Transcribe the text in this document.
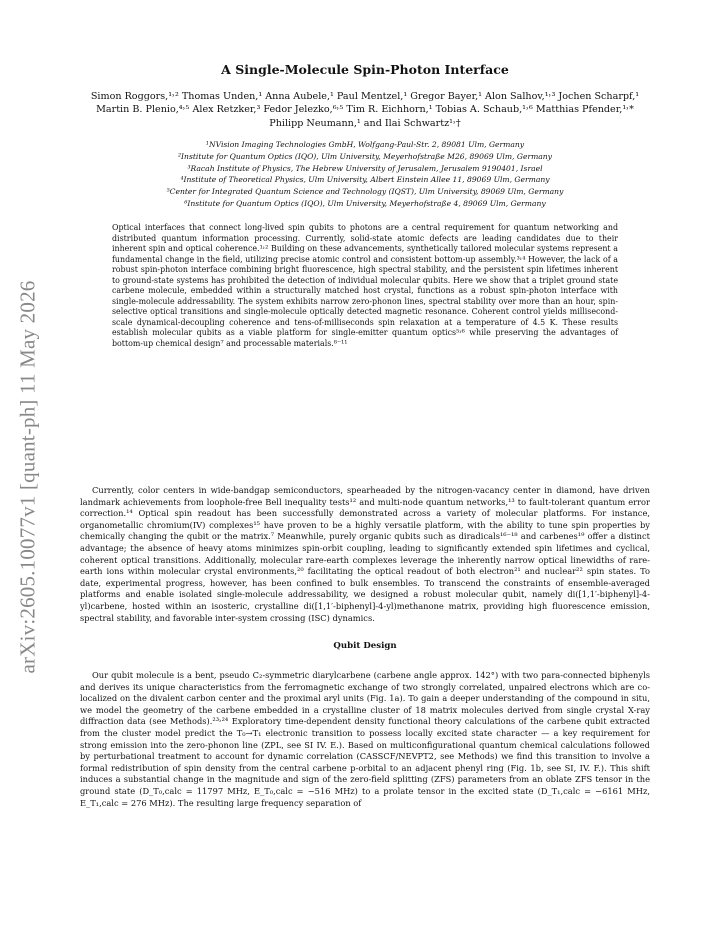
arXiv:2605.10077v1 [quant-ph] 11 May 2026
A Single-Molecule Spin-Photon Interface
Simon Roggors,¹˒² Thomas Unden,¹ Anna Aubele,¹ Paul Mentzel,¹ Gregor Bayer,¹ Alon Salhov,¹˒³ Jochen Scharpf,¹ Martin B. Plenio,⁴˒⁵ Alex Retzker,³ Fedor Jelezko,⁶˒⁵ Tim R. Eichhorn,¹ Tobias A. Schaub,¹˒⁶ Matthias Pfender,¹˒* Philipp Neumann,¹ and Ilai Schwartz¹˒†
¹NVision Imaging Technologies GmbH, Wolfgang-Paul-Str. 2, 89081 Ulm, Germany
²Institute for Quantum Optics (IQO), Ulm University, Meyerhofstraße M26, 89069 Ulm, Germany
³Racah Institute of Physics, The Hebrew University of Jerusalem, Jerusalem 9190401, Israel
⁴Institute of Theoretical Physics, Ulm University, Albert Einstein Allee 11, 89069 Ulm, Germany
⁵Center for Integrated Quantum Science and Technology (IQST), Ulm University, 89069 Ulm, Germany
⁶Institute for Quantum Optics (IQO), Ulm University, Meyerhofstraße 4, 89069 Ulm, Germany

Optical interfaces that connect long-lived spin qubits to photons are a central requirement for quantum networking and distributed quantum information processing. Currently, solid-state atomic defects are leading candidates due to their inherent spin and optical coherence.¹˒² Building on these advancements, synthetically tailored molecular systems represent a fundamental change in the field, utilizing precise atomic control and consistent bottom-up assembly.³˒⁴ However, the lack of a robust spin-photon interface combining bright fluorescence, high spectral stability, and the persistent spin lifetimes inherent to ground-state systems has prohibited the detection of individual molecular qubits. Here we show that a triplet ground state carbene molecule, embedded within a structurally matched host crystal, functions as a robust spin-photon interface with single-molecule addressability. The system exhibits narrow zero-phonon lines, spectral stability over more than an hour, spin-selective optical transitions and single-molecule optically detected magnetic resonance. Coherent control yields millisecond-scale dynamical-decoupling coherence and tens-of-milliseconds spin relaxation at a temperature of 4.5 K. These results establish molecular qubits as a viable platform for single-emitter quantum optics⁵˒⁶ while preserving the advantages of bottom-up chemical design⁷ and processable materials.⁸⁻¹¹

Currently, color centers in wide-bandgap semiconductors, spearheaded by the nitrogen-vacancy center in diamond, have driven landmark achievements from loophole-free Bell inequality tests¹² and multi-node quantum networks,¹³ to fault-tolerant quantum error correction.¹⁴ Optical spin readout has been successfully demonstrated across a variety of molecular platforms. For instance, organometallic chromium(IV) complexes¹⁵ have proven to be a highly versatile platform, with the ability to tune spin properties by chemically changing the qubit or the matrix.⁷ Meanwhile, purely organic qubits such as diradicals¹⁶⁻¹⁸ and carbenes¹⁹ offer a distinct advantage; the absence of heavy atoms minimizes spin-orbit coupling, leading to significantly extended spin lifetimes and cyclical, coherent optical transitions. Additionally, molecular rare-earth complexes leverage the inherently narrow optical linewidths of rare-earth ions within molecular crystal environments,²⁰ facilitating the optical readout of both electron²¹ and nuclear²² spin states. To date, experimental progress, however, has been confined to bulk ensembles. To transcend the constraints of ensemble-averaged platforms and enable isolated single-molecule addressability, we designed a robust molecular qubit, namely di([1,1′-biphenyl]-4-yl)carbene, hosted within an isosteric, crystalline di([1,1′-biphenyl]-4-yl)methanone matrix, providing high fluorescence emission, spectral stability, and favorable inter-system crossing (ISC) dynamics.

Qubit Design

Our qubit molecule is a bent, pseudo C₂-symmetric diarylcarbene (carbene angle approx. 142°) with two para-connected biphenyls and derives its unique characteristics from the ferromagnetic exchange of two strongly correlated, unpaired electrons which are co-localized on the divalent carbon center and the proximal aryl units (Fig. 1a). To gain a deeper understanding of the compound in situ, we model the geometry of the carbene embedded in a crystalline cluster of 18 matrix molecules derived from single crystal X-ray diffraction data (see Methods).²³˒²⁴ Exploratory time-dependent density functional theory calculations of the carbene qubit extracted from the cluster model predict the T₀→T₁ electronic transition to possess locally excited state character — a key requirement for strong emission into the zero-phonon line (ZPL, see SI IV. E.). Based on multiconfigurational quantum chemical calculations followed by perturbational treatment to account for dynamic correlation (CASSCF/NEVPT2, see Methods) we find this transition to involve a formal redistribution of spin density from the central carbene p-orbital to an adjacent phenyl ring (Fig. 1b, see SI, IV. F.). This shift induces a substantial change in the magnitude and sign of the zero-field splitting (ZFS) parameters from an oblate ZFS tensor in the ground state (D_T₀,calc = 11797 MHz, E_T₀,calc = −516 MHz) to a prolate tensor in the excited state (D_T₁,calc = −6161 MHz, E_T₁,calc = 276 MHz). The resulting large frequency separation of
